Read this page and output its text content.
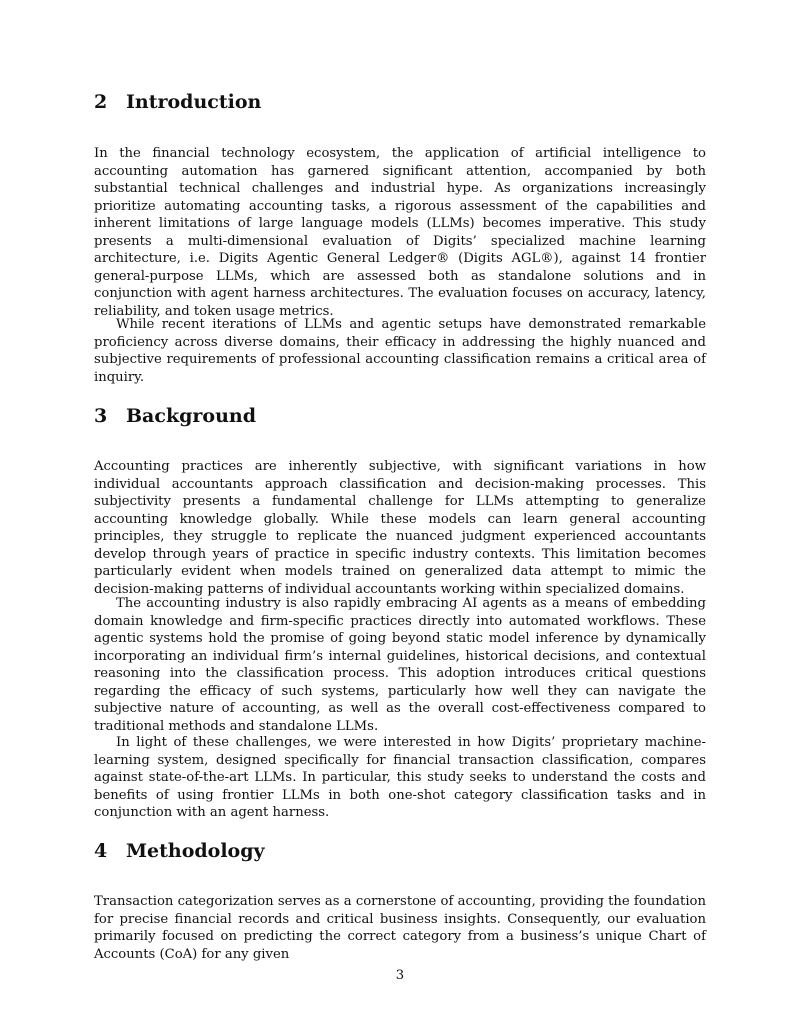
2 Introduction

In the financial technology ecosystem, the application of artificial intelligence to accounting automation has garnered significant attention, accompanied by both substantial technical challenges and industrial hype. As organizations increasingly prioritize automating accounting tasks, a rigorous assessment of the capabilities and inherent limitations of large language models (LLMs) becomes imperative. This study presents a multi-dimensional evaluation of Digits’ specialized machine learning architecture, i.e. Digits Agentic General Ledger® (Digits AGL®), against 14 frontier general-purpose LLMs, which are assessed both as standalone solutions and in conjunction with agent harness architectures. The evaluation focuses on accuracy, latency, reliability, and token usage metrics.

While recent iterations of LLMs and agentic setups have demonstrated remarkable proficiency across diverse domains, their efficacy in addressing the highly nuanced and subjective requirements of professional accounting classification remains a critical area of inquiry.

3 Background

Accounting practices are inherently subjective, with significant variations in how individual accountants approach classification and decision-making processes. This subjectivity presents a fundamental challenge for LLMs attempting to generalize accounting knowledge globally. While these models can learn general accounting principles, they struggle to replicate the nuanced judgment experienced accountants develop through years of practice in specific industry contexts. This limitation becomes particularly evident when models trained on generalized data attempt to mimic the decision-making patterns of individual accountants working within specialized domains.

The accounting industry is also rapidly embracing AI agents as a means of embedding domain knowledge and firm-specific practices directly into automated workflows. These agentic systems hold the promise of going beyond static model inference by dynamically incorporating an individual firm’s internal guidelines, historical decisions, and contextual reasoning into the classification process. This adoption introduces critical questions regarding the efficacy of such systems, particularly how well they can navigate the subjective nature of accounting, as well as the overall cost-effectiveness compared to traditional methods and standalone LLMs.

In light of these challenges, we were interested in how Digits’ proprietary machine-learning system, designed specifically for financial transaction classification, compares against state-of-the-art LLMs. In particular, this study seeks to understand the costs and benefits of using frontier LLMs in both one-shot category classification tasks and in conjunction with an agent harness.

4 Methodology

Transaction categorization serves as a cornerstone of accounting, providing the foundation for precise financial records and critical business insights. Consequently, our evaluation primarily focused on predicting the correct category from a business’s unique Chart of Accounts (CoA) for any given

3
